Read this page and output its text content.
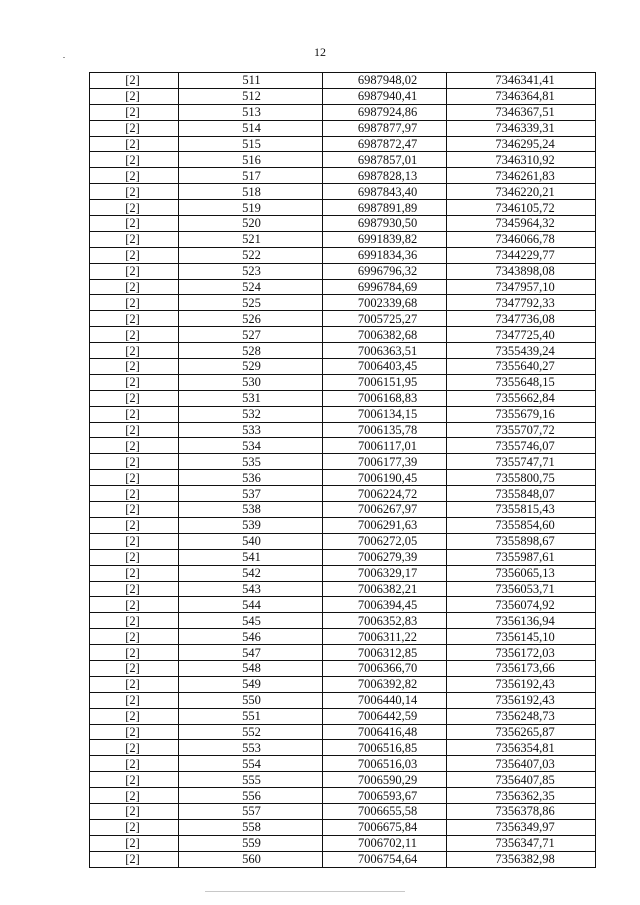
12
[2]	511	6987948,02	7346341,41
[2]	512	6987940,41	7346364,81
[2]	513	6987924,86	7346367,51
[2]	514	6987877,97	7346339,31
[2]	515	6987872,47	7346295,24
[2]	516	6987857,01	7346310,92
[2]	517	6987828,13	7346261,83
[2]	518	6987843,40	7346220,21
[2]	519	6987891,89	7346105,72
[2]	520	6987930,50	7345964,32
[2]	521	6991839,82	7346066,78
[2]	522	6991834,36	7344229,77
[2]	523	6996796,32	7343898,08
[2]	524	6996784,69	7347957,10
[2]	525	7002339,68	7347792,33
[2]	526	7005725,27	7347736,08
[2]	527	7006382,68	7347725,40
[2]	528	7006363,51	7355439,24
[2]	529	7006403,45	7355640,27
[2]	530	7006151,95	7355648,15
[2]	531	7006168,83	7355662,84
[2]	532	7006134,15	7355679,16
[2]	533	7006135,78	7355707,72
[2]	534	7006117,01	7355746,07
[2]	535	7006177,39	7355747,71
[2]	536	7006190,45	7355800,75
[2]	537	7006224,72	7355848,07
[2]	538	7006267,97	7355815,43
[2]	539	7006291,63	7355854,60
[2]	540	7006272,05	7355898,67
[2]	541	7006279,39	7355987,61
[2]	542	7006329,17	7356065,13
[2]	543	7006382,21	7356053,71
[2]	544	7006394,45	7356074,92
[2]	545	7006352,83	7356136,94
[2]	546	7006311,22	7356145,10
[2]	547	7006312,85	7356172,03
[2]	548	7006366,70	7356173,66
[2]	549	7006392,82	7356192,43
[2]	550	7006440,14	7356192,43
[2]	551	7006442,59	7356248,73
[2]	552	7006416,48	7356265,87
[2]	553	7006516,85	7356354,81
[2]	554	7006516,03	7356407,03
[2]	555	7006590,29	7356407,85
[2]	556	7006593,67	7356362,35
[2]	557	7006655,58	7356378,86
[2]	558	7006675,84	7356349,97
[2]	559	7006702,11	7356347,71
[2]	560	7006754,64	7356382,98
